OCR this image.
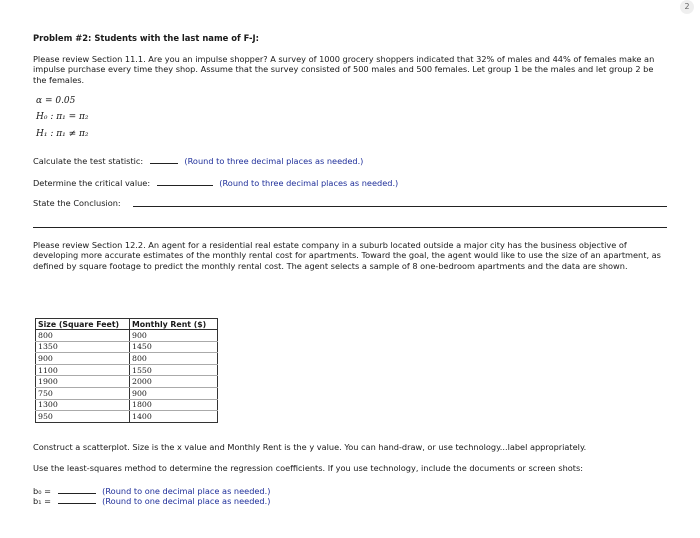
2
Problem #2: Students with the last name of F-J:
Please review Section 11.1. Are you an impulse shopper? A survey of 1000 grocery shoppers indicated that 32% of males and 44% of females make an impulse purchase every time they shop. Assume that the survey consisted of 500 males and 500 females. Let group 1 be the males and let group 2 be the females.
α = 0.05
H₀ : π₁ = π₂
H₁ : π₁ ≠ π₂
Calculate the test statistic:	(Round to three decimal places as needed.)
Determine the critical value:	(Round to three decimal places as needed.)
State the Conclusion:
Please review Section 12.2. An agent for a residential real estate company in a suburb located outside a major city has the business objective of developing more accurate estimates of the monthly rental cost for apartments. Toward the goal, the agent would like to use the size of an apartment, as defined by square footage to predict the monthly rental cost. The agent selects a sample of 8 one-bedroom apartments and the data are shown.
Size (Square Feet)	Monthly Rent ($)
800	900
1350	1450
900	800
1100	1550
1900	2000
750	900
1300	1800
950	1400
Construct a scatterplot. Size is the x value and Monthly Rent is the y value. You can hand-draw, or use technology...label appropriately.
Use the least-squares method to determine the regression coefficients. If you use technology, include the documents or screen shots:
b₀ =	(Round to one decimal place as needed.)
b₁ =	(Round to one decimal place as needed.)
